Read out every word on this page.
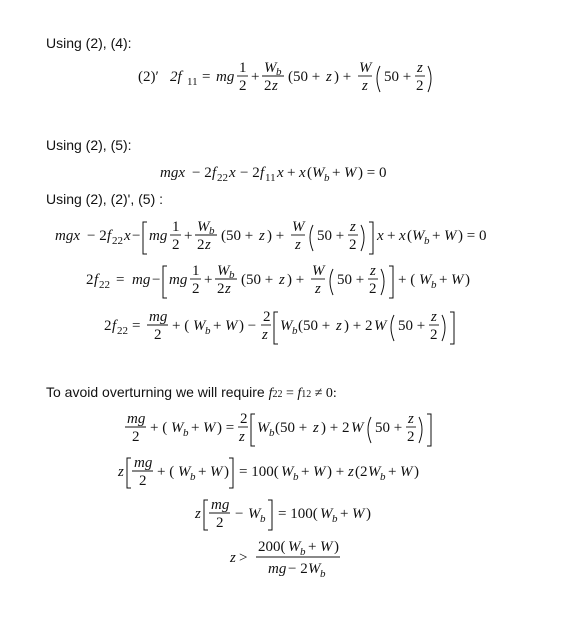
Using (2), (4):
(2)′ 2f 11 = mg
1
2
+
W b
2 z
(50 + z ) +
W
z
50 +
z
2
Using (2), (5):
mgx − 2 f 22 x − 2 f 11 x + x ( W b + W ) = 0
Using (2), (2)', (5) :
mgx − 2 f 22 x − mg
1
2
+
W b
2 z
(50 + z ) +
W
z
50 +
z
2
x + x ( W b + W ) = 0
2 f 22 = mg − mg
1
2
+
W b
2 z
(50 + z ) +
W
z
50 +
z
2
+ ( W b + W )
2 f 22 =
mg
2
+ ( W b + W ) −
2
z
W b (50 + z ) + 2 W 50 +
z
2
To avoid overturning we will require f22 = f12 ≠ 0:
mg
2
+ ( W b + W ) =
2
z
W b (50 + z ) + 2 W 50 +
z
2
z
mg
2
+ ( W b + W ) = 100( W b + W ) + z (2 W b + W )
z
mg
2
− W b = 100( W b + W )
z >
200( W b + W )
mg − 2 W b
